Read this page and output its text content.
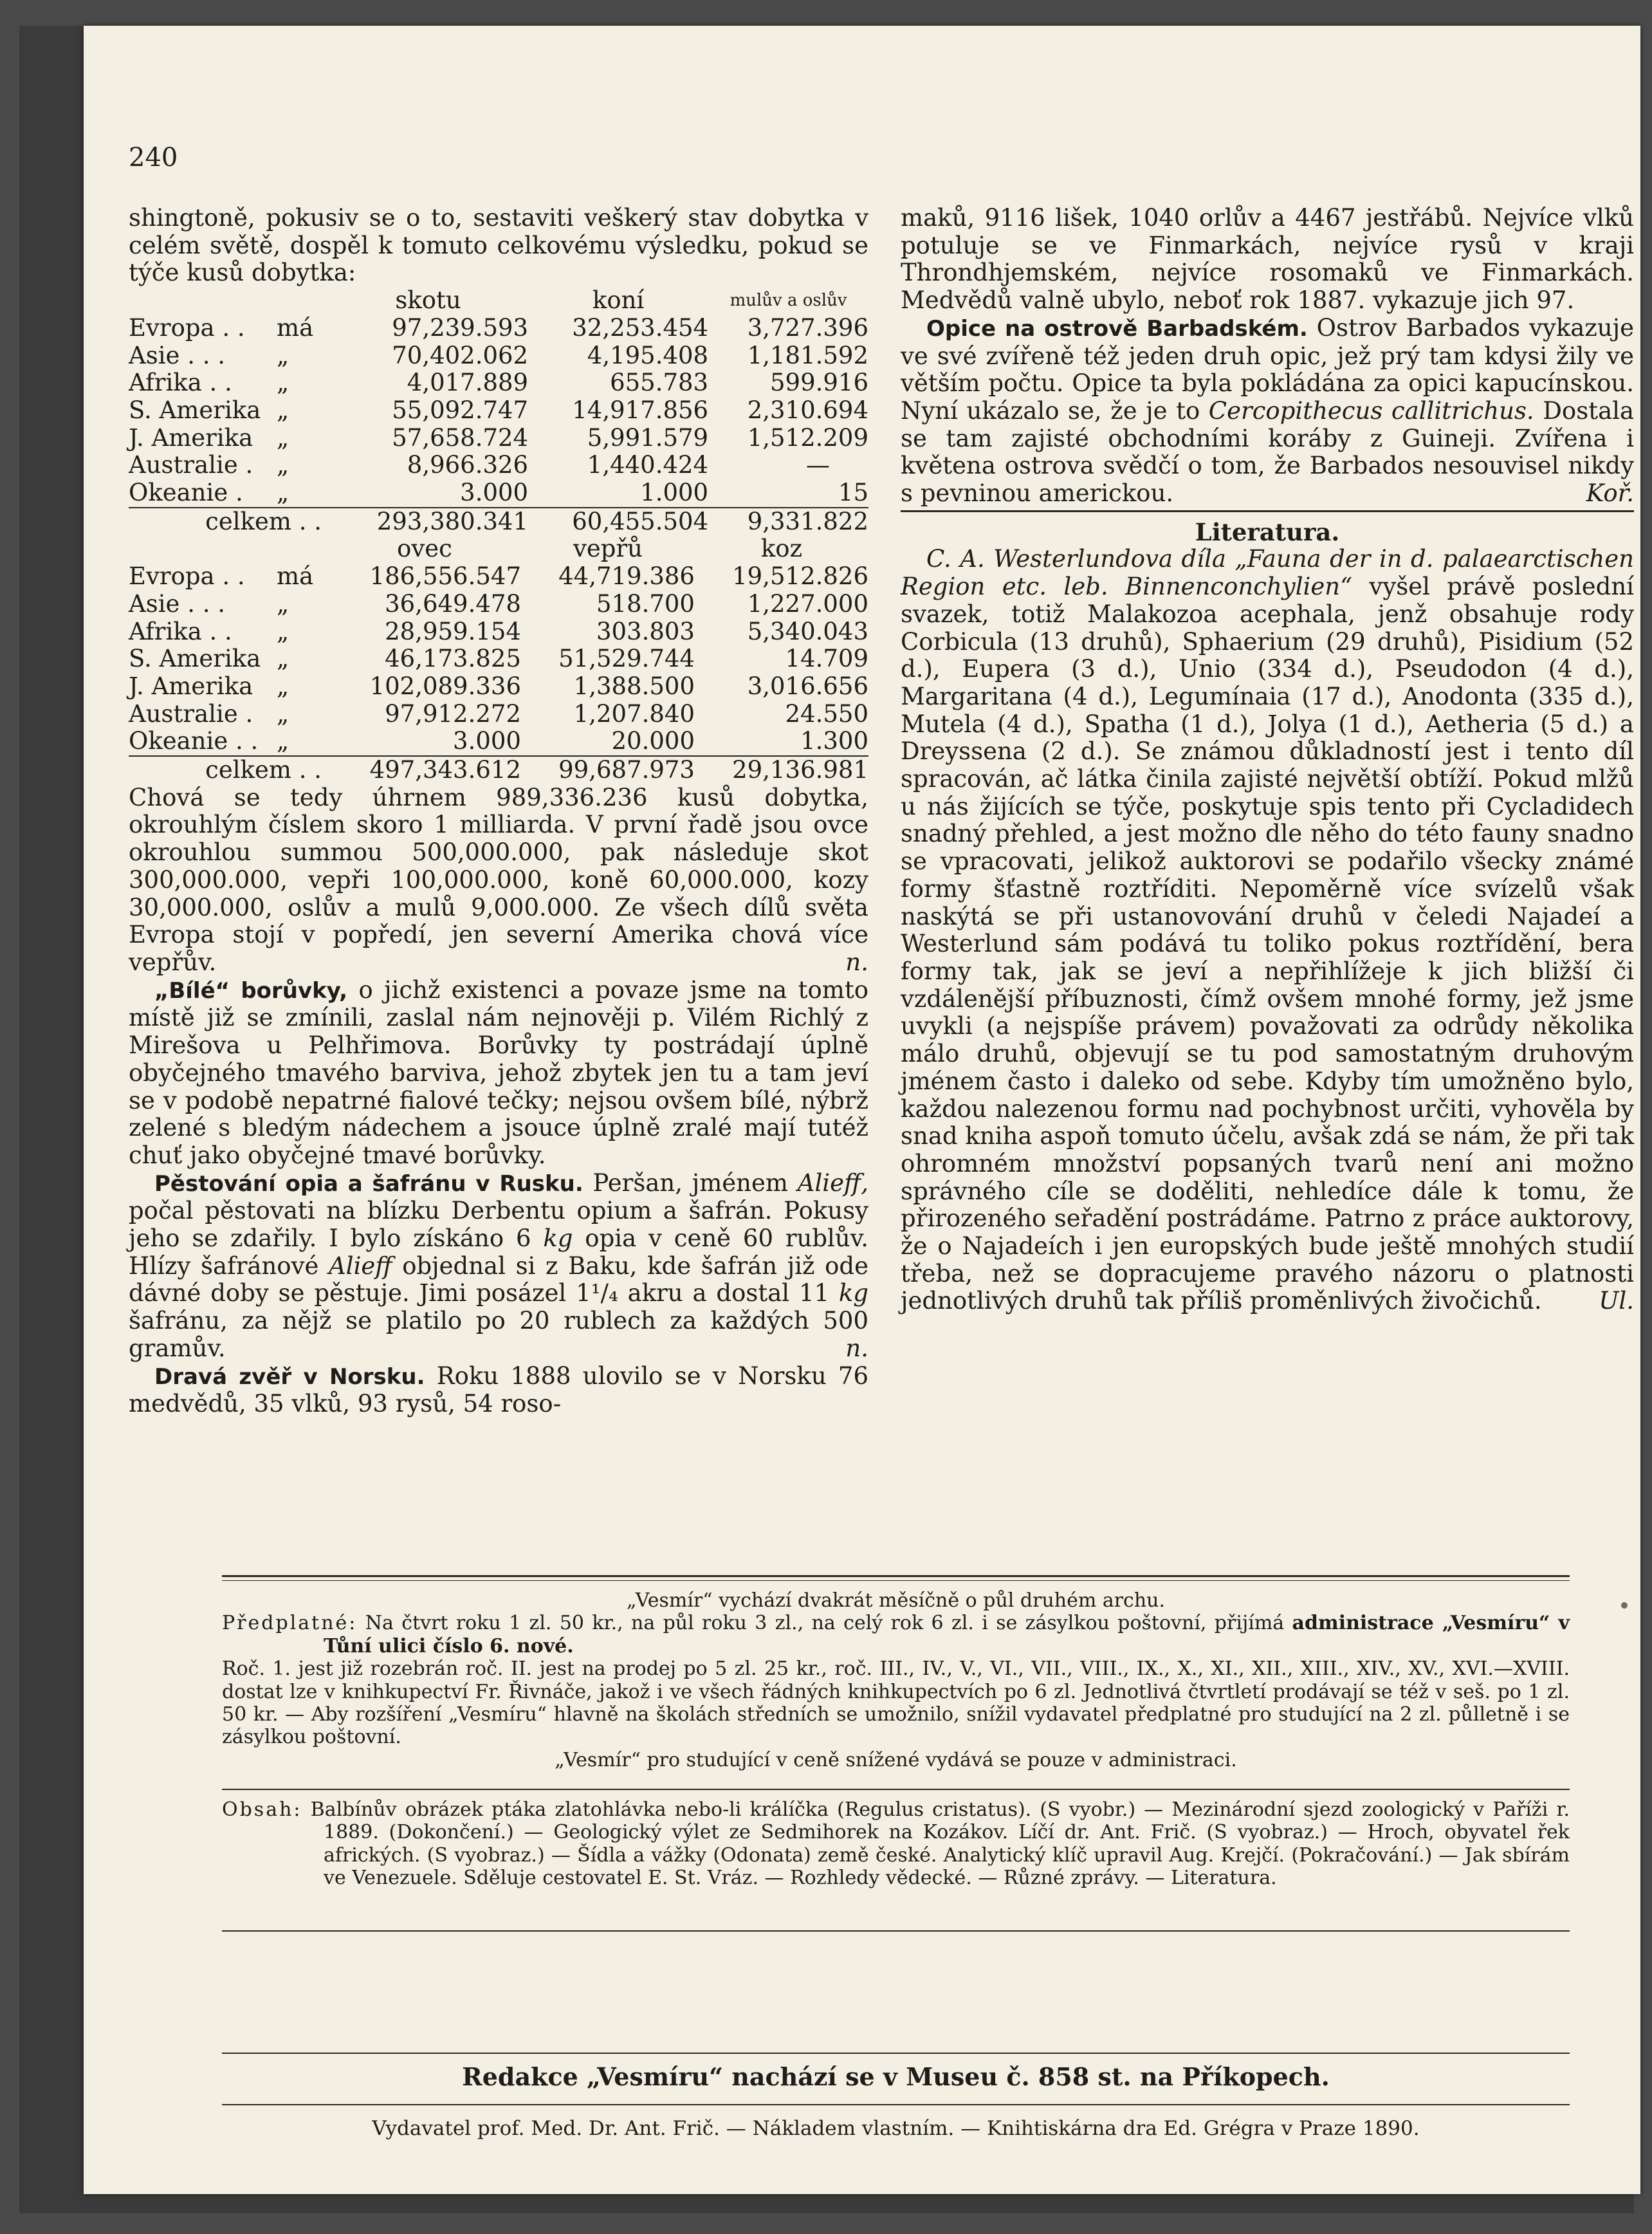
240

shingtoně, pokusiv se o to, sestaviti veškerý stav dobytka v celém světě, dospěl k tomuto celkovému výsledku, pokud se týče kusů dobytka:

		skotu	koní	mulův a oslův
Evropa . .	má	97,239.593	32,253.454	3,727.396
Asie . . .	„	70,402.062	4,195.408	1,181.592
Afrika . .	„	4,017.889	655.783	599.916
S. Amerika	„	55,092.747	14,917.856	2,310.694
J. Amerika	„	57,658.724	5,991.579	1,512.209
Australie .	„	8,966.326	1,440.424	—
Okeanie .	„	3.000	1.000	15
celkem . .		293,380.341	60,455.504	9,331.822
		ovec	vepřů	koz
Evropa . .	má	186,556.547	44,719.386	19,512.826
Asie . . .	„	36,649.478	518.700	1,227.000
Afrika . .	„	28,959.154	303.803	5,340.043
S. Amerika	„	46,173.825	51,529.744	14.709
J. Amerika	„	102,089.336	1,388.500	3,016.656
Australie .	„	97,912.272	1,207.840	24.550
Okeanie . .	„	3.000	20.000	1.300
celkem . .		497,343.612	99,687.973	29,136.981

Chová se tedy úhrnem 989,336.236 kusů dobytka, okrouhlým číslem skoro 1 milliarda. V první řadě jsou ovce okrouhlou summou 500,000.000, pak následuje skot 300,000.000, vepři 100,000.000, koně 60,000.000, kozy 30,000.000, oslův a mulů 9,000.000. Ze všech dílů světa Evropa stojí v popředí, jen severní Amerika chová více vepřův.	n.

„Bílé“ borůvky, o jichž existenci a povaze jsme na tomto místě již se zmínili, zaslal nám nejnověji p. Vilém Richlý z Mirešova u Pelhřimova. Borůvky ty postrádají úplně obyčejného tmavého barviva, jehož zbytek jen tu a tam jeví se v podobě nepatrné fialové tečky; nejsou ovšem bílé, nýbrž zelené s bledým nádechem a jsouce úplně zralé mají tutéž chuť jako obyčejné tmavé borůvky.

Pěstování opia a šafránu v Rusku. Peršan, jménem Alieff, počal pěstovati na blízku Derbentu opium a šafrán. Pokusy jeho se zdařily. I bylo získáno 6 kg opia v ceně 60 rublův. Hlízy šafránové Alieff objednal si z Baku, kde šafrán již ode dávné doby se pěstuje. Jimi posázel 1¹/₄ akru a dostal 11 kg šafránu, za nějž se platilo po 20 rublech za každých 500 gramův.	n.

Dravá zvěř v Norsku. Roku 1888 ulovilo se v Norsku 76 medvědů, 35 vlků, 93 rysů, 54 roso-

maků, 9116 lišek, 1040 orlův a 4467 jestřábů. Nejvíce vlků potuluje se ve Finmarkách, nejvíce rysů v kraji Throndhjemském, nejvíce rosomaků ve Finmarkách. Medvědů valně ubylo, neboť rok 1887. vykazuje jich 97.

Opice na ostrově Barbadském. Ostrov Barbados vykazuje ve své zvířeně též jeden druh opic, jež prý tam kdysi žily ve větším počtu. Opice ta byla pokládána za opici kapucínskou. Nyní ukázalo se, že je to Cercopithecus callitrichus. Dostala se tam zajisté obchodními koráby z Guineji. Zvířena i květena ostrova svědčí o tom, že Barbados nesouvisel nikdy s pevninou americkou.	Koř.

Literatura.

C. A. Westerlundova díla „Fauna der in d. palaearctischen Region etc. leb. Binnenconchylien“ vyšel právě poslední svazek, totiž Malakozoa acephala, jenž obsahuje rody Corbicula (13 druhů), Sphaerium (29 druhů), Pisidium (52 d.), Eupera (3 d.), Unio (334 d.), Pseudodon (4 d.), Margaritana (4 d.), Legumínaia (17 d.), Anodonta (335 d.), Mutela (4 d.), Spatha (1 d.), Jolya (1 d.), Aetheria (5 d.) a Dreyssena (2 d.). Se známou důkladností jest i tento díl spracován, ač látka činila zajisté největší obtíží. Pokud mlžů u nás žijících se týče, poskytuje spis tento při Cycladidech snadný přehled, a jest možno dle něho do této fauny snadno se vpracovati, jelikož auktorovi se podařilo všecky známé formy šťastně roztříditi. Nepoměrně více svízelů však naskýtá se při ustanovování druhů v čeledi Najadeí a Westerlund sám podává tu toliko pokus roztřídění, bera formy tak, jak se jeví a nepřihlížeje k jich bližší či vzdálenější příbuznosti, čímž ovšem mnohé formy, jež jsme uvykli (a nejspíše právem) považovati za odrůdy několika málo druhů, objevují se tu pod samostatným druhovým jménem často i daleko od sebe. Kdyby tím umožněno bylo, každou nalezenou formu nad pochybnost určiti, vyhověla by snad kniha aspoň tomuto účelu, avšak zdá se nám, že při tak ohromném množství popsaných tvarů není ani možno správného cíle se doděliti, nehledíce dále k tomu, že přirozeného seřadění postrádáme. Patrno z práce auktorovy, že o Najadeích i jen europských bude ještě mnohých studií třeba, než se dopracujeme pravého názoru o platnosti jednotlivých druhů tak příliš proměnlivých živočichů.	Ul.

„Vesmír“ vychází dvakrát měsíčně o půl druhém archu.

Předplatné: Na čtvrt roku 1 zl. 50 kr., na půl roku 3 zl., na celý rok 6 zl. i se zásylkou poštovní, přijímá administrace „Vesmíru“ v Tůní ulici číslo 6. nové.

Roč. 1. jest již rozebrán roč. II. jest na prodej po 5 zl. 25 kr., roč. III., IV., V., VI., VII., VIII., IX., X., XI., XII., XIII., XIV., XV., XVI.—XVIII. dostat lze v knihkupectví Fr. Řivnáče, jakož i ve všech řádných knihkupectvích po 6 zl. Jednotlivá čtvrtletí prodávají se též v seš. po 1 zl. 50 kr. — Aby rozšíření „Vesmíru“ hlavně na školách středních se umožnilo, snížil vydavatel předplatné pro studující na 2 zl. půlletně i se zásylkou poštovní.

„Vesmír“ pro studující v ceně snížené vydává se pouze v administraci.

Obsah: Balbínův obrázek ptáka zlatohlávka nebo-li králíčka (Regulus cristatus). (S vyobr.) — Mezinárodní sjezd zoologický v Paříži r. 1889. (Dokončení.) — Geologický výlet ze Sedmihorek na Kozákov. Líčí dr. Ant. Frič. (S vyobraz.) — Hroch, obyvatel řek afrických. (S vyobraz.) — Šídla a vážky (Odonata) země české. Analytický klíč upravil Aug. Krejčí. (Pokračování.) — Jak sbírám ve Venezuele. Sděluje cestovatel E. St. Vráz. — Rozhledy vědecké. — Různé zprávy. — Literatura.

Redakce „Vesmíru“ nachází se v Museu č. 858 st. na Příkopech.
Vydavatel prof. Med. Dr. Ant. Frič. — Nákladem vlastním. — Knihtiskárna dra Ed. Grégra v Praze 1890.
